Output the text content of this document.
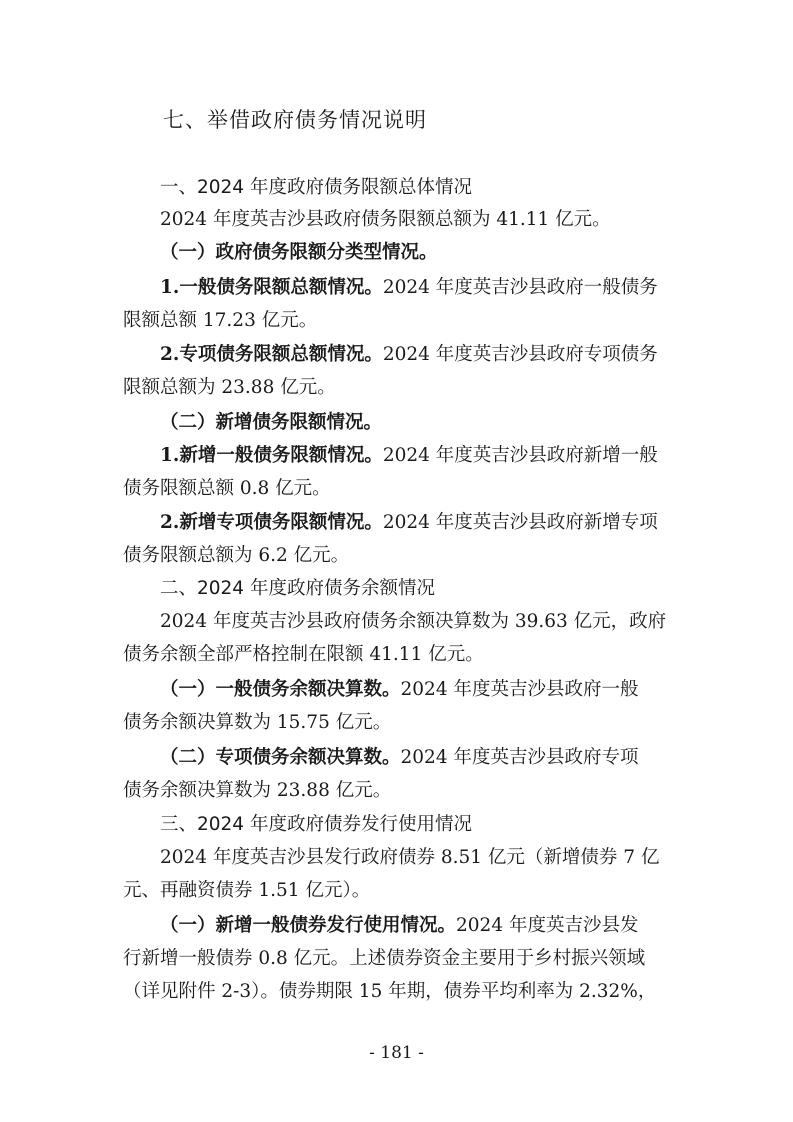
七、举借政府债务情况说明
一、2024 年度政府债务限额总体情况
2024 年度英吉沙县政府债务限额总额为 41.11 亿元。
（一）政府债务限额分类型情况。
1.一般债务限额总额情况。2024 年度英吉沙县政府一般债务
限额总额 17.23 亿元。
2.专项债务限额总额情况。2024 年度英吉沙县政府专项债务
限额总额为 23.88 亿元。
（二）新增债务限额情况。
1.新增一般债务限额情况。2024 年度英吉沙县政府新增一般
债务限额总额 0.8 亿元。
2.新增专项债务限额情况。2024 年度英吉沙县政府新增专项
债务限额总额为 6.2 亿元。
二、2024 年度政府债务余额情况
2024 年度英吉沙县政府债务余额决算数为 39.63 亿元，政府
债务余额全部严格控制在限额 41.11 亿元。
（一）一般债务余额决算数。2024 年度英吉沙县政府一般
债务余额决算数为 15.75 亿元。
（二）专项债务余额决算数。2024 年度英吉沙县政府专项
债务余额决算数为 23.88 亿元。
三、2024 年度政府债券发行使用情况
2024 年度英吉沙县发行政府债券 8.51 亿元（新增债券 7 亿
元、再融资债券 1.51 亿元）。
（一）新增一般债券发行使用情况。2024 年度英吉沙县发
行新增一般债券 0.8 亿元。上述债券资金主要用于乡村振兴领域
（详见附件 2-3）。债券期限 15 年期，债券平均利率为 2.32%，
- 181 -
